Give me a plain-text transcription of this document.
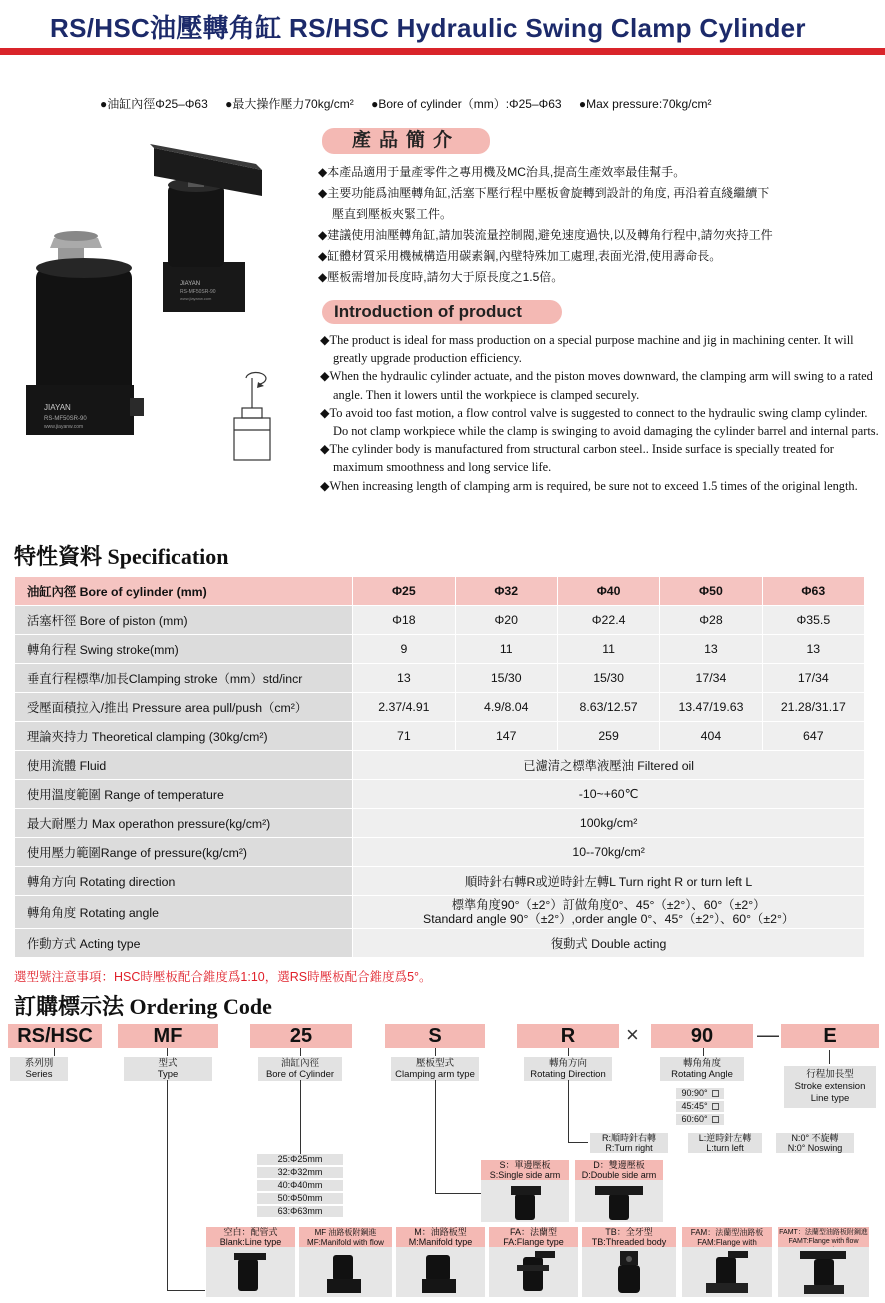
RS/HSC油壓轉角缸 RS/HSC Hydraulic Swing Clamp Cylinder
●油缸內徑Φ25–Φ63 ●最大操作壓力70kg/cm² ●Bore of cylinder（mm）:Φ25–Φ63 ●Max pressure:70kg/cm²
JIAYAN
RS-MF50SR-90
www.jiayanw.com
JIAYAN
RS-MF50SR-90
www.jiayanw.com
產品簡介
◆本產品適用于量產零件之專用機及MC治具,提高生產效率最佳幫手。
◆主要功能爲油壓轉角缸,活塞下壓行程中壓板會旋轉到設計的角度, 再沿着直綫繼續下
壓直到壓板夾緊工件。
◆建議使用油壓轉角缸,請加裝流量控制閥,避免速度過快,以及轉角行程中,請勿夾持工件
◆缸體材質采用機械構造用碳素鋼,內壁特殊加工處理,表面光滑,使用壽命長。
◆壓板需增加長度時,請勿大于原長度之1.5倍。
Introduction of product
◆The product is ideal for mass production on a special purpose machine and jig in machining center. It will greatly upgrade production efficiency.
◆When the hydraulic cylinder actuate, and the piston moves downward, the clamping arm will swing to a rated angle. Then it lowers until the workpiece is clamped securely.
◆To avoid too fast motion, a flow control valve is suggested to connect to the hydraulic swing clamp cylinder. Do not clamp workpiece while the clamp is swinging to avoid damaging the cylinder barrel and internal parts.
◆The cylinder body is manufactured from structural carbon steel.. Inside surface is specially treated for maximum smoothness and long service life.
◆When increasing length of clamping arm is required, be sure not to exceed 1.5 times of the original length.
特性資料 Specification
油缸內徑 Bore of cylinder (mm)	Φ25	Φ32	Φ40	Φ50	Φ63
活塞杆徑 Bore of piston (mm)	Φ18	Φ20	Φ22.4	Φ28	Φ35.5
轉角行程 Swing stroke(mm)	9	11	11	13	13
垂直行程標準/加長Clamping stroke（mm）std/incr	13	15/30	15/30	17/34	17/34
受壓面積拉入/推出 Pressure area pull/push（cm²）	2.37/4.91	4.9/8.04	8.63/12.57	13.47/19.63	21.28/31.17
理論夾持力 Theoretical clamping (30kg/cm²)	71	147	259	404	647
使用流體 Fluid	已濾清之標準液壓油 Filtered oil				
使用溫度範圍 Range of temperature	-10~+60℃				
最大耐壓力 Max operathon pressure(kg/cm²)	100kg/cm²				
使用壓力範圍Range of pressure(kg/cm²)	10--70kg/cm²				
轉角方向 Rotating direction	順時針右轉R或逆時針左轉L Turn right R or turn left L				
轉角角度 Rotating angle	標準角度90°（±2°）訂做角度0°、45°（±2°）、60°（±2°）
Standard angle 90°（±2°）,order angle 0°、45°（±2°）、60°（±2°）				

作動方式 Acting type	復動式 Double acting				
選型號注意事項：HSC時壓板配合錐度爲1:10，選RS時壓板配合錐度爲5°。
訂購標示法 Ordering Code
RS/HSC	MF	25	S	R	×	90	—	E
系列別
Series
型式
Type
油缸內徑
Bore of Cylinder
壓板型式
Clamping arm type
轉角方向
Rotating Direction
轉角角度
Rotating Angle	行程加長型
Stroke extension
Line type
90:90°
45:45°
60:60°
R:順時針右轉
R:Turn right
L:逆時針左轉
L:turn left
N:0° 不旋轉
N:0° Noswing
25:Φ25mm
32:Φ32mm
40:Φ40mm
50:Φ50mm
63:Φ63mm
S：單邊壓板
S:Single side arm
D：雙邊壓板
D:Double side arm
空白：配管式
Blank:Line type
MF 油路板附鋼進
MF:Manifold with flow
M：油路板型
M:Manifold type
FA：法蘭型
FA:Flange type
TB：全牙型
TB:Threaded body
FAM：法蘭型油路板
FAM:Flange with
FAMT：法蘭型油路板附鋼進
FAMT:Flange with flow
